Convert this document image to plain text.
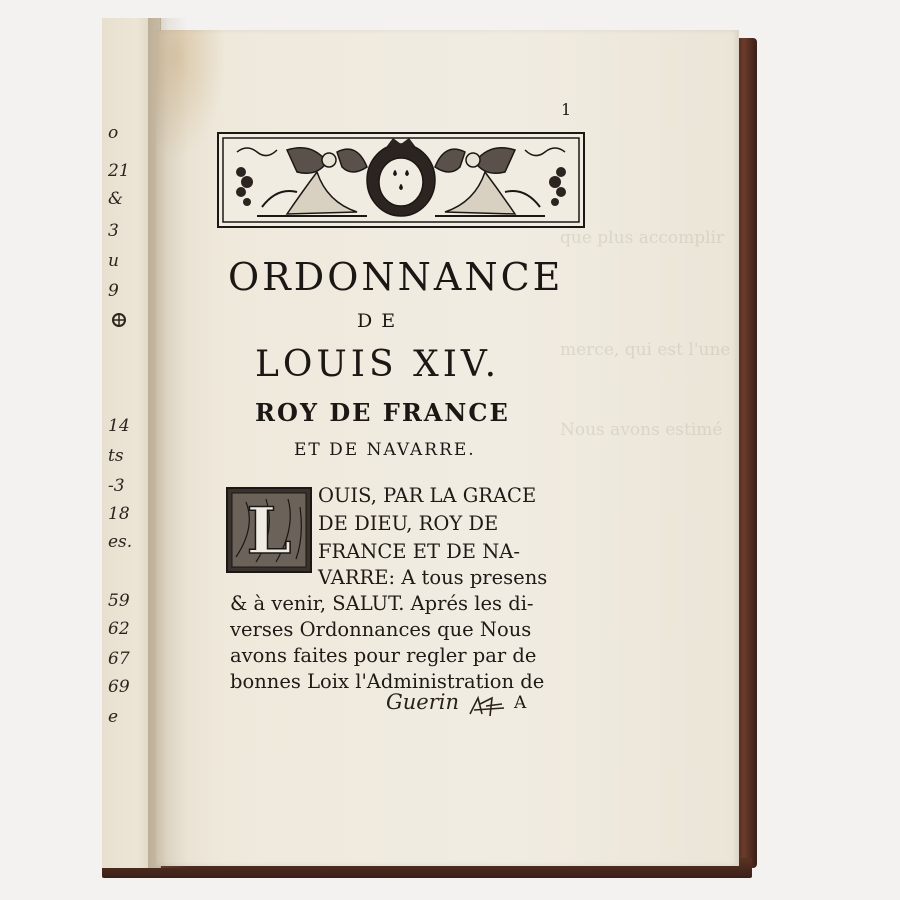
o
21
&
3
u
9
14
ts
-3
18
es.
59
62
67
69
e
1
ORDONNANCE
DE
LOUIS XIV.
ROY DE FRANCE
ET DE NAVARRE.
L OUIS, PAR LA GRACE
DE DIEU, ROY DE
FRANCE ET DE NA-
VARRE: A tous presens
& à venir, SALUT. Aprés les di-
verses Ordonnances que Nous
avons faites pour regler par de
bonnes Loix l'Administration de
Guerin	A
